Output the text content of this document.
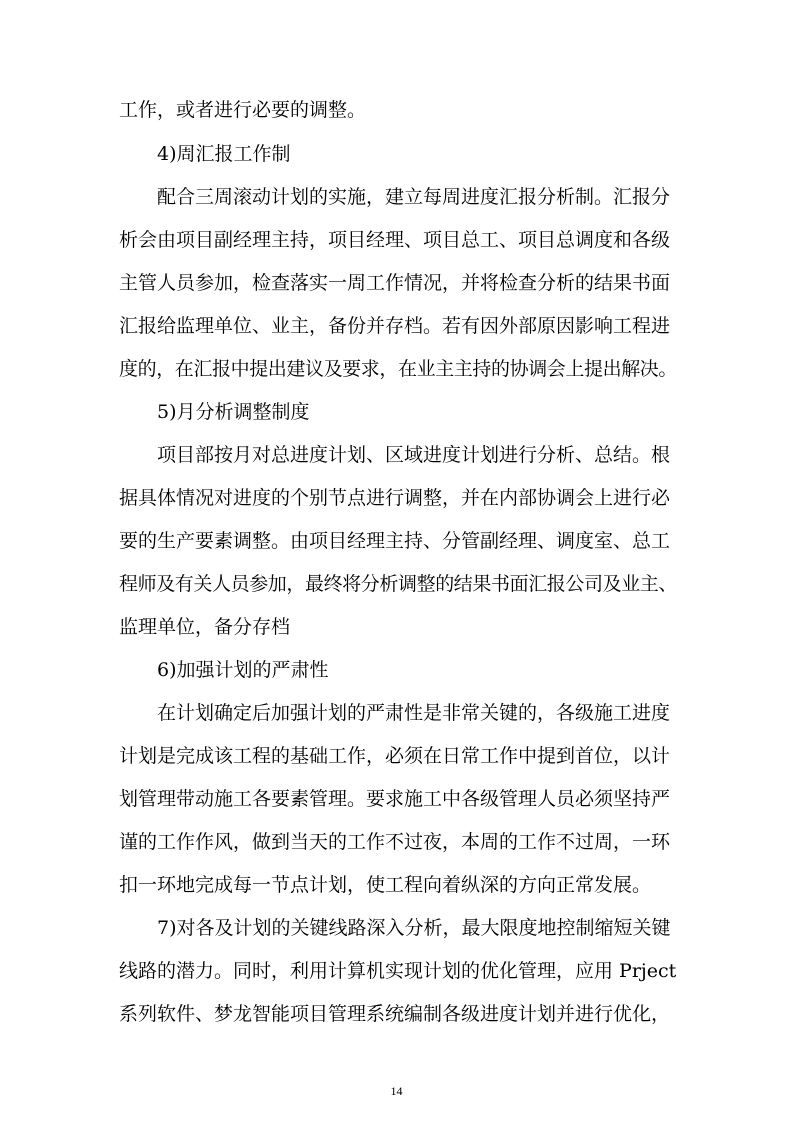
工作，或者进行必要的调整。

4)周汇报工作制

配合三周滚动计划的实施，建立每周进度汇报分析制。汇报分

析会由项目副经理主持，项目经理、项目总工、项目总调度和各级

主管人员参加，检查落实一周工作情况，并将检查分析的结果书面

汇报给监理单位、业主，备份并存档。若有因外部原因影响工程进

度的，在汇报中提出建议及要求，在业主主持的协调会上提出解决。

5)月分析调整制度

项目部按月对总进度计划、区域进度计划进行分析、总结。根

据具体情况对进度的个别节点进行调整，并在内部协调会上进行必

要的生产要素调整。由项目经理主持、分管副经理、调度室、总工

程师及有关人员参加，最终将分析调整的结果书面汇报公司及业主、

监理单位，备分存档

6)加强计划的严肃性

在计划确定后加强计划的严肃性是非常关键的，各级施工进度

计划是完成该工程的基础工作，必须在日常工作中提到首位，以计

划管理带动施工各要素管理。要求施工中各级管理人员必须坚持严

谨的工作作风，做到当天的工作不过夜，本周的工作不过周，一环

扣一环地完成每一节点计划，使工程向着纵深的方向正常发展。

7)对各及计划的关键线路深入分析，最大限度地控制缩短关键

线路的潜力。同时，利用计算机实现计划的优化管理，应用 Prject

系列软件、梦龙智能项目管理系统编制各级进度计划并进行优化，

14
